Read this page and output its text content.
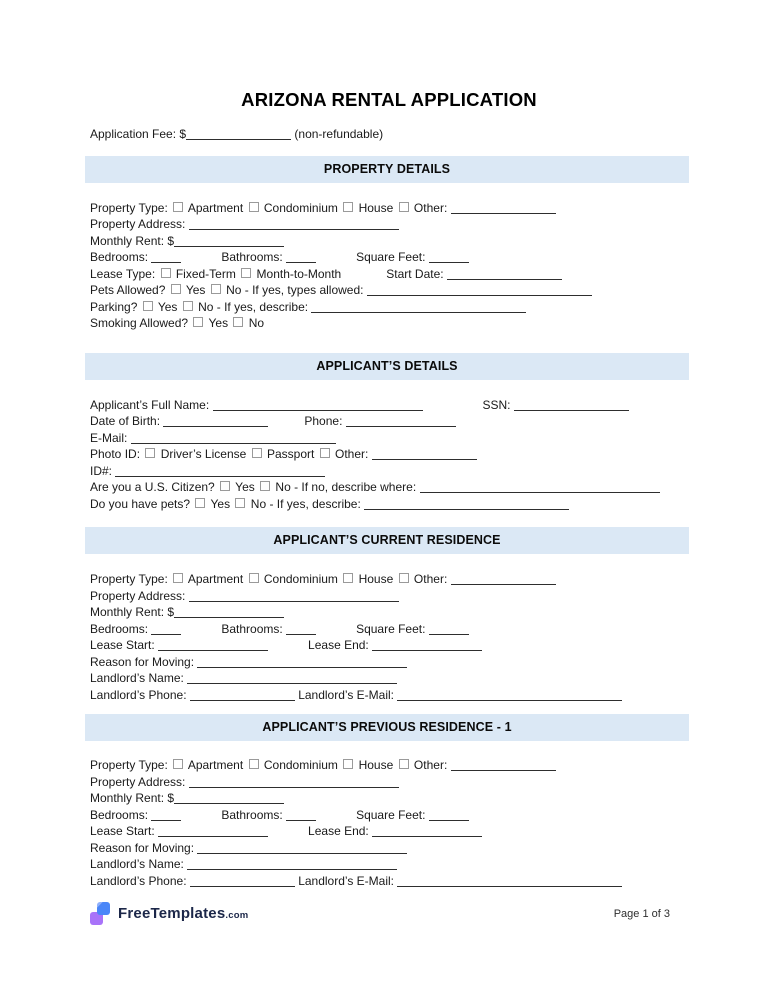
ARIZONA RENTAL APPLICATION
Application Fee: $	(non-refundable)
PROPERTY DETAILS
Property Type:  Apartment  Condominium  House  Other:
Property Address:
Monthly Rent: $
Bedrooms:	Bathrooms:	Square Feet:
Lease Type:  Fixed-Term  Month-to-Month	Start Date:
Pets Allowed?  Yes  No - If yes, types allowed:
Parking?  Yes  No - If yes, describe:
Smoking Allowed?  Yes  No
APPLICANT’S DETAILS
Applicant’s Full Name:	SSN:
Date of Birth:	Phone:
E-Mail:
Photo ID:  Driver’s License  Passport  Other:
ID#:
Are you a U.S. Citizen?  Yes  No - If no, describe where:
Do you have pets?  Yes  No - If yes, describe:
APPLICANT’S CURRENT RESIDENCE
Property Type:  Apartment  Condominium  House  Other:
Property Address:
Monthly Rent: $
Bedrooms:	Bathrooms:	Square Feet:
Lease Start:	Lease End:
Reason for Moving:
Landlord’s Name:
Landlord’s Phone:	Landlord’s E-Mail:
APPLICANT’S PREVIOUS RESIDENCE - 1
Property Type:  Apartment  Condominium  House  Other:
Property Address:
Monthly Rent: $
Bedrooms:	Bathrooms:	Square Feet:
Lease Start:	Lease End:
Reason for Moving:
Landlord’s Name:
Landlord’s Phone:	Landlord’s E-Mail:
FreeTemplates.com	Page 1 of 3
